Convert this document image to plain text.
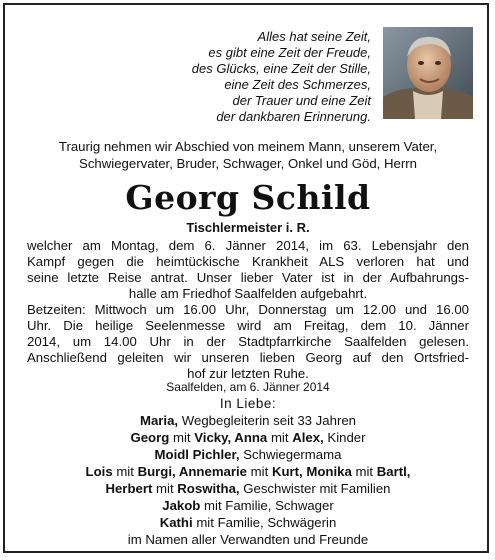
Alles hat seine Zeit,
es gibt eine Zeit der Freude,
des Glücks, eine Zeit der Stille,
eine Zeit des Schmerzes,
der Trauer und eine Zeit
der dankbaren Erinnerung.
Traurig nehmen wir Abschied von meinem Mann, unserem Vater,
Schwiegervater, Bruder, Schwager, Onkel und Göd, Herrn
Georg Schild
Tischlermeister i. R.
welcher am Montag, dem 6. Jänner 2014, im 63. Lebensjahr den
Kampf gegen die heimtückische Krankheit ALS verloren hat und
seine letzte Reise antrat. Unser lieber Vater ist in der Aufbahrungs-
halle am Friedhof Saalfelden aufgebahrt.
Betzeiten: Mittwoch um 16.00 Uhr, Donnerstag um 12.00 und 16.00
Uhr. Die heilige Seelenmesse wird am Freitag, dem 10. Jänner
2014, um 14.00 Uhr in der Stadtpfarrkirche Saalfelden gelesen.
Anschließend geleiten wir unseren lieben Georg auf den Ortsfried-
hof zur letzten Ruhe.
Saalfelden, am 6. Jänner 2014
In Liebe:
Maria, Wegbegleiterin seit 33 Jahren
Georg mit Vicky, Anna mit Alex, Kinder
Moidl Pichler, Schwiegermama
Lois mit Burgi, Annemarie mit Kurt, Monika mit Bartl,
Herbert mit Roswitha, Geschwister mit Familien
Jakob mit Familie, Schwager
Kathi mit Familie, Schwägerin
im Namen aller Verwandten und Freunde
